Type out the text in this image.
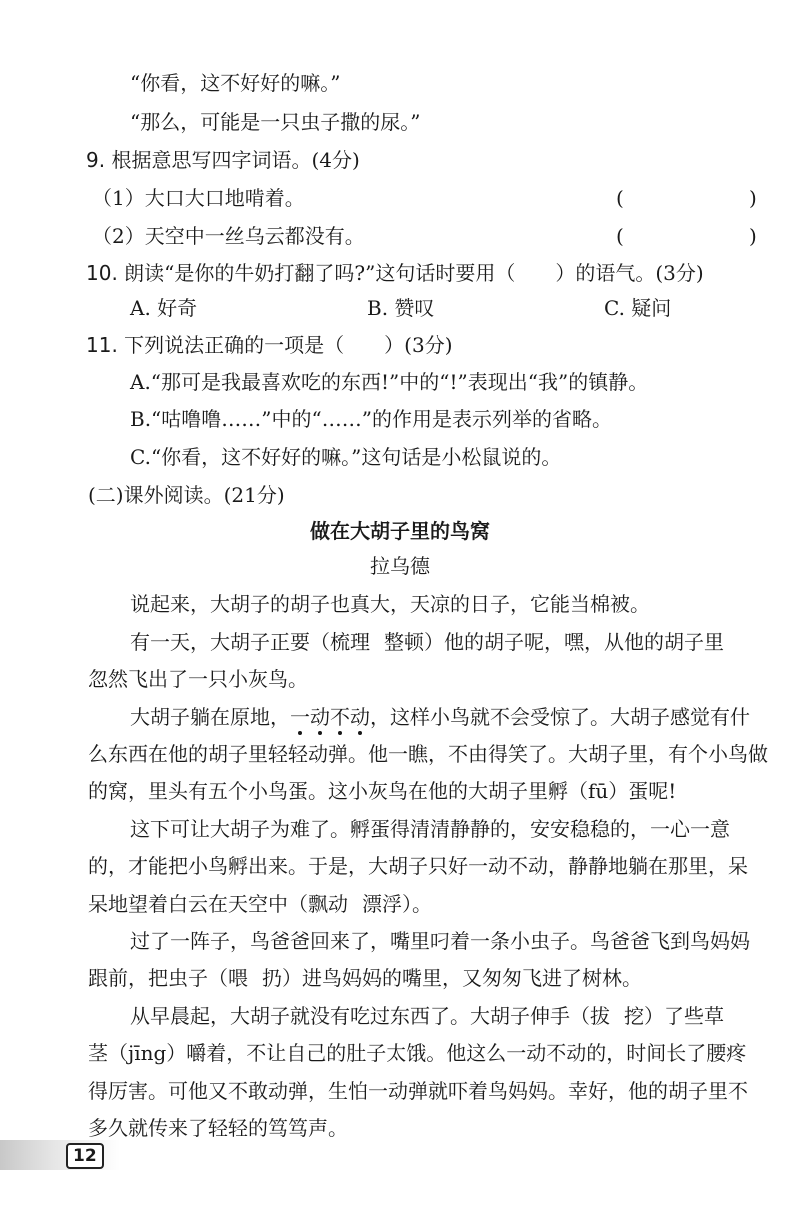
“你看，这不好好的嘛。”
“那么，可能是一只虫子撒的尿。”
9. 根据意思写四字词语。(4分)
（1）大口大口地啃着。	(	)
（2）天空中一丝乌云都没有。	(	)
10. 朗读“是你的牛奶打翻了吗?”这句话时要用（ ）的语气。(3分)
A. 好奇	B. 赞叹	C. 疑问
11. 下列说法正确的一项是（　　）(3分)
A.“那可是我最喜欢吃的东西!”中的“!”表现出“我”的镇静。
B.“咕噜噜……”中的“……”的作用是表示列举的省略。
C.“你看，这不好好的嘛。”这句话是小松鼠说的。
(二)课外阅读。(21分)
做在大胡子里的鸟窝
拉乌德
说起来，大胡子的胡子也真大，天凉的日子，它能当棉被。
有一天，大胡子正要（梳理 整顿）他的胡子呢，嘿，从他的胡子里
忽然飞出了一只小灰鸟。
大胡子躺在原地，一动不动，这样小鸟就不会受惊了。大胡子感觉有什
么东西在他的胡子里轻轻动弹。他一瞧，不由得笑了。大胡子里，有个小鸟做
的窝，里头有五个小鸟蛋。这小灰鸟在他的大胡子里孵（fū）蛋呢!
这下可让大胡子为难了。孵蛋得清清静静的，安安稳稳的，一心一意
的，才能把小鸟孵出来。于是，大胡子只好一动不动，静静地躺在那里，呆
呆地望着白云在天空中（飘动 漂浮）。
过了一阵子，鸟爸爸回来了，嘴里叼着一条小虫子。鸟爸爸飞到鸟妈妈
跟前，把虫子（喂 扔）进鸟妈妈的嘴里，又匆匆飞进了树林。
从早晨起，大胡子就没有吃过东西了。大胡子伸手（拔 挖）了些草
茎（jīng）嚼着，不让自己的肚子太饿。他这么一动不动的，时间长了腰疼
得厉害。可他又不敢动弹，生怕一动弹就吓着鸟妈妈。幸好，他的胡子里不
多久就传来了轻轻的笃笃声。
12
